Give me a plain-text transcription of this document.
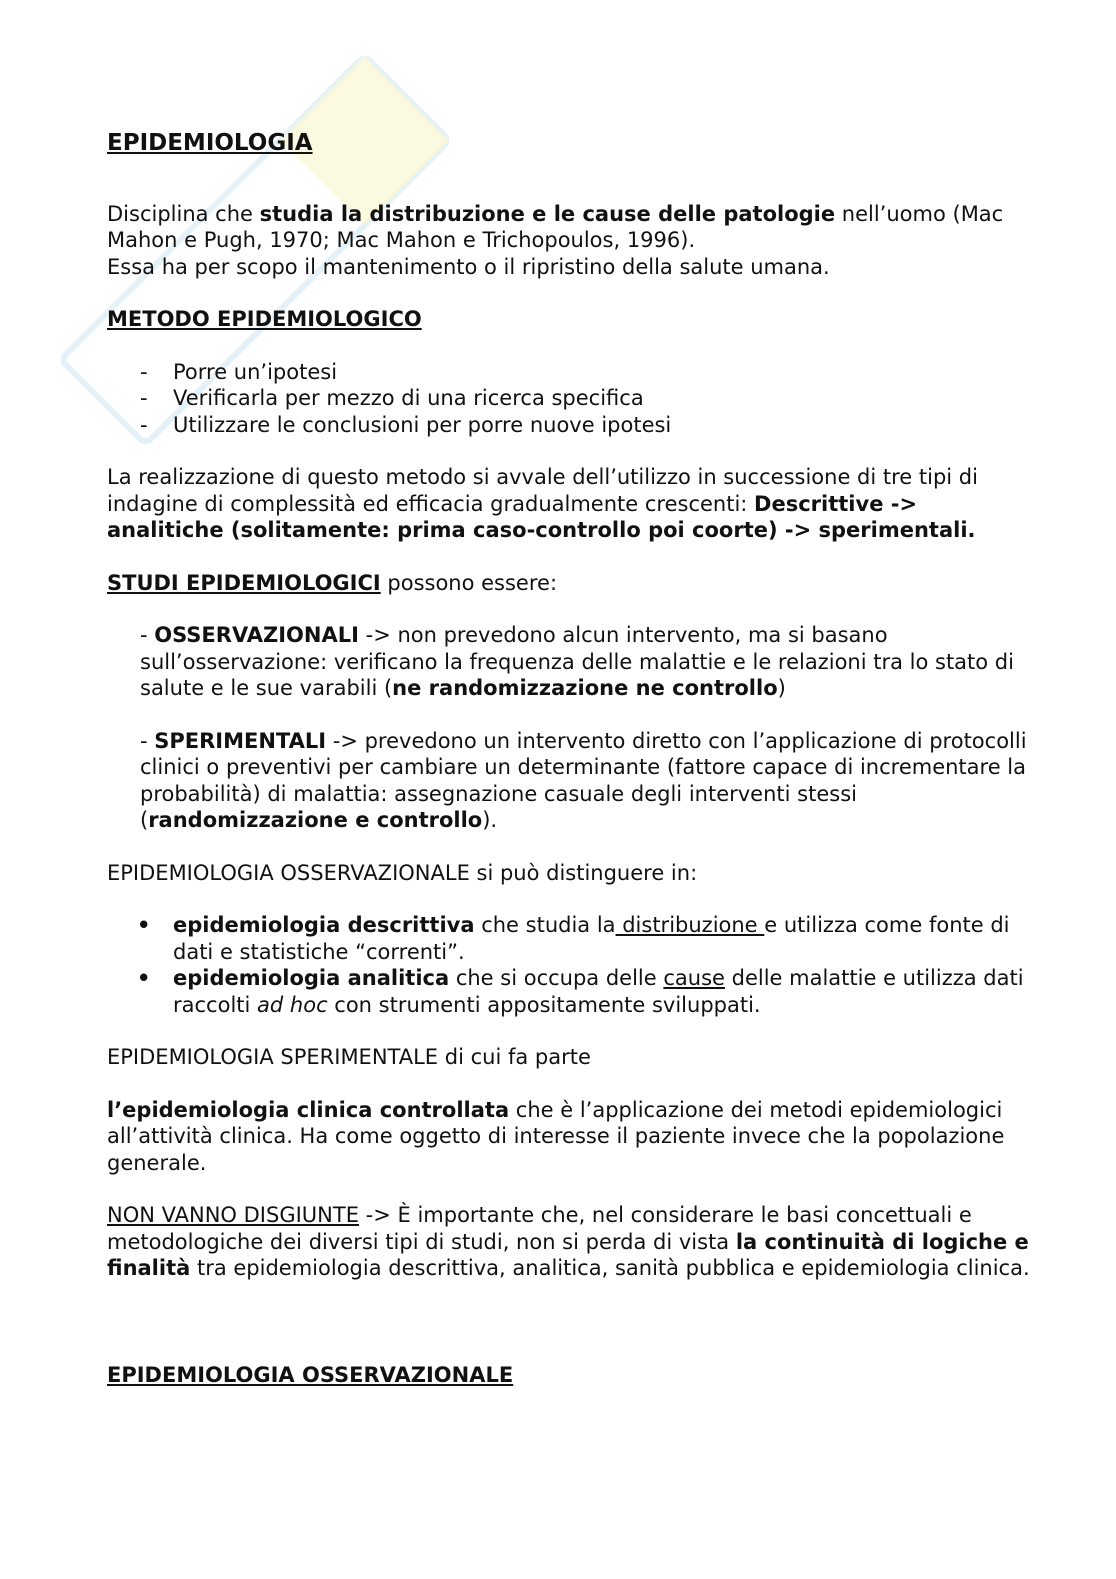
EPIDEMIOLOGIA

Disciplina che studia la distribuzione e le cause delle patologie nell’uomo (Mac Mahon e Pugh, 1970; Mac Mahon e Trichopoulos, 1996).

Essa ha per scopo il mantenimento o il ripristino della salute umana.

METODO EPIDEMIOLOGICO

- Porre un’ipotesi
- Verificarla per mezzo di una ricerca specifica
- Utilizzare le conclusioni per porre nuove ipotesi

La realizzazione di questo metodo si avvale dell’utilizzo in successione di tre tipi di indagine di complessità ed efficacia gradualmente crescenti: Descrittive -> analitiche (solitamente: prima caso-controllo poi coorte) -> sperimentali.

STUDI EPIDEMIOLOGICI possono essere:

- OSSERVAZIONALI -> non prevedono alcun intervento, ma si basano sull’osservazione: verificano la frequenza delle malattie e le relazioni tra lo stato di salute e le sue varabili (ne randomizzazione ne controllo)

- SPERIMENTALI -> prevedono un intervento diretto con l’applicazione di protocolli clinici o preventivi per cambiare un determinante (fattore capace di incrementare la probabilità) di malattia: assegnazione casuale degli interventi stessi (randomizzazione e controllo).

EPIDEMIOLOGIA OSSERVAZIONALE si può distinguere in:

• epidemiologia descrittiva che studia la distribuzione e utilizza come fonte di dati e statistiche “correnti”.
• epidemiologia analitica che si occupa delle cause delle malattie e utilizza dati raccolti ad hoc con strumenti appositamente sviluppati.

EPIDEMIOLOGIA SPERIMENTALE di cui fa parte

l’epidemiologia clinica controllata che è l’applicazione dei metodi epidemiologici all’attività clinica. Ha come oggetto di interesse il paziente invece che la popolazione generale.

NON VANNO DISGIUNTE -> È importante che, nel considerare le basi concettuali e metodologiche dei diversi tipi di studi, non si perda di vista la continuità di logiche e finalità tra epidemiologia descrittiva, analitica, sanità pubblica e epidemiologia clinica.

EPIDEMIOLOGIA OSSERVAZIONALE
